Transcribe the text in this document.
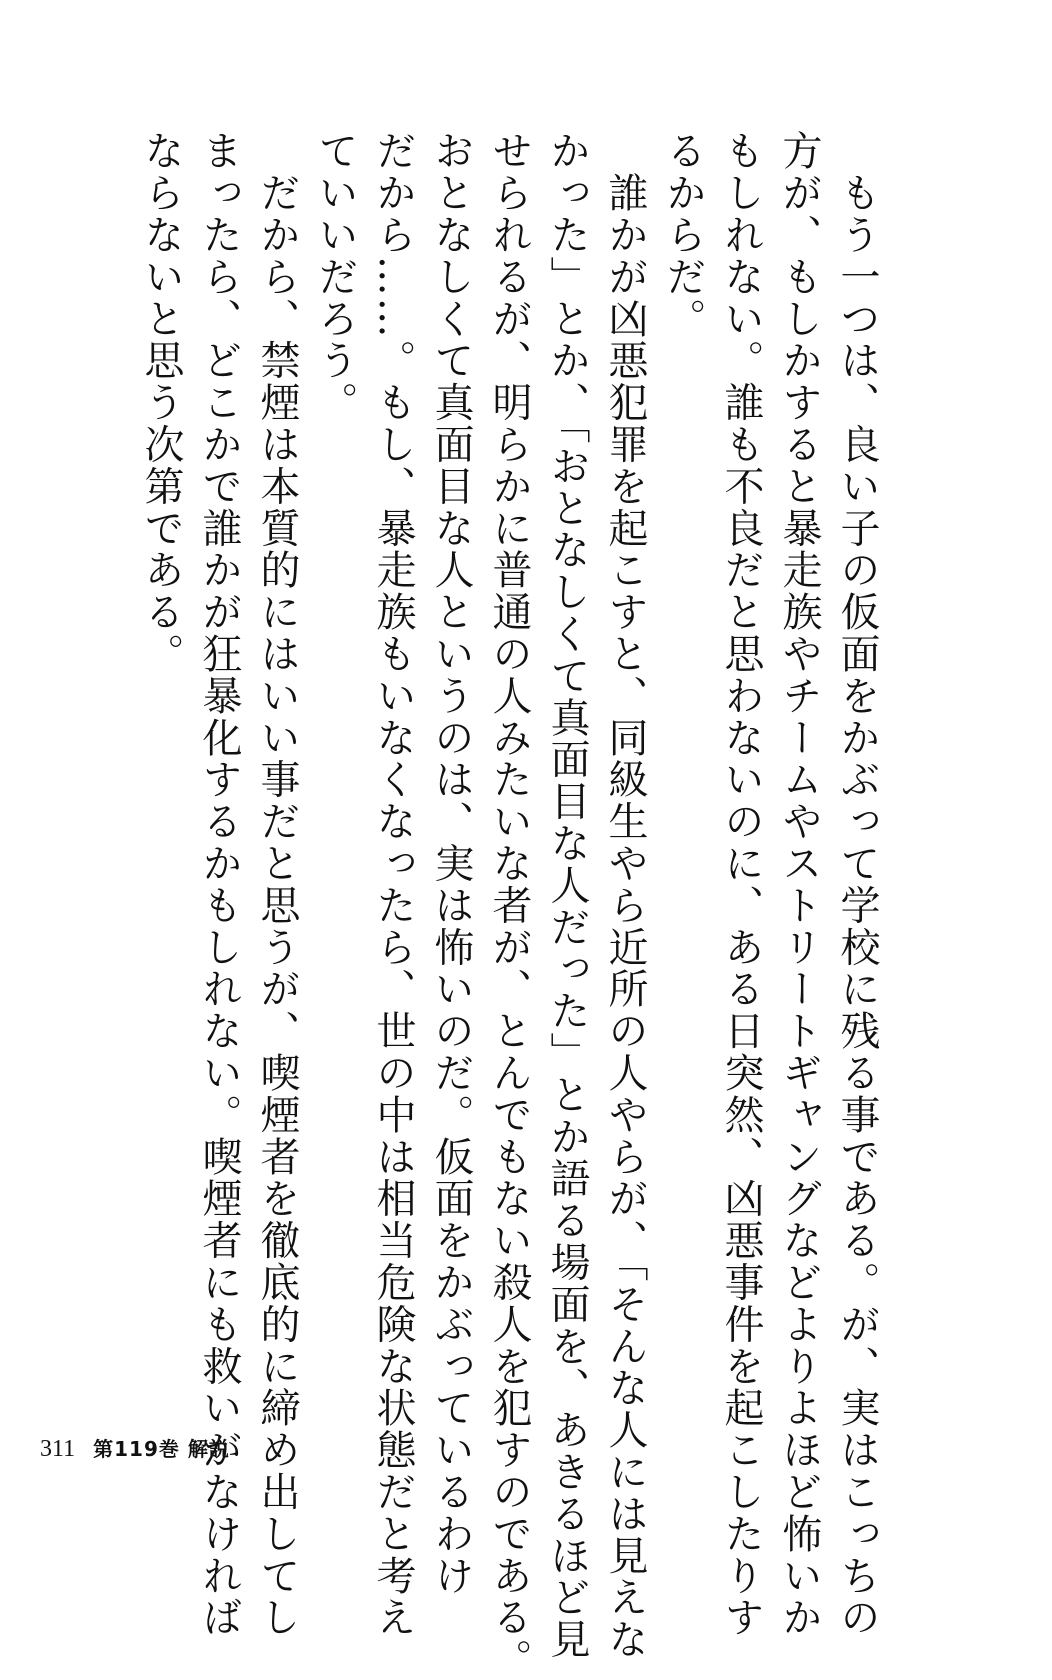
　もう一つは、良い子の仮面をかぶって学校に残る事である。が、実はこっちの
方が、もしかすると暴走族やチームやストリートギャングなどよりよほど怖いか
もしれない。誰も不良だと思わないのに、ある日突然、凶悪事件を起こしたりす
るからだ。

　誰かが凶悪犯罪を起こすと、同級生やら近所の人やらが、「そんな人には見えな
かった」とか、「おとなしくて真面目な人だった」とか語る場面を、あきるほど見
せられるが、明らかに普通の人みたいな者が、とんでもない殺人を犯すのである。
おとなしくて真面目な人というのは、実は怖いのだ。仮面をかぶっているわけ
だから……。もし、暴走族もいなくなったら、世の中は相当危険な状態だと考え
ていいだろう。

　だから、禁煙は本質的にはいい事だと思うが、喫煙者を徹底的に締め出してし
まったら、どこかで誰かが狂暴化するかもしれない。喫煙者にも救いがなければ
ならないと思う次第である。

311 第119巻 解説
